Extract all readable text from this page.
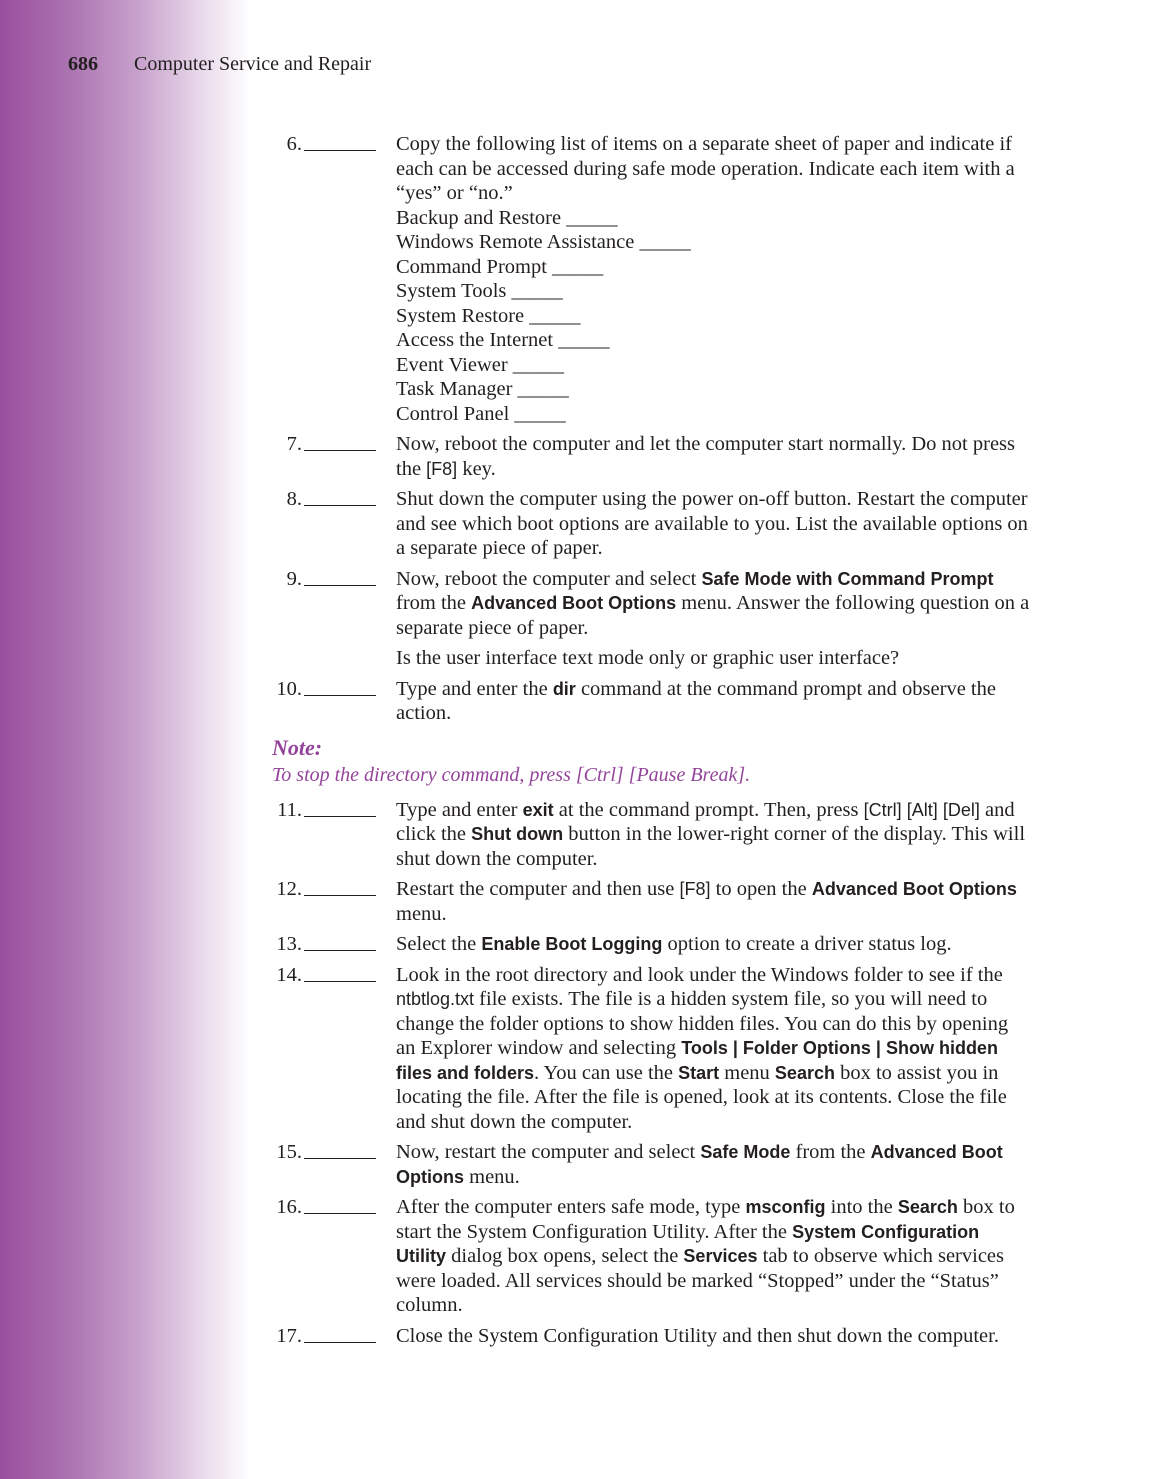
686 Computer Service and Repair
6.	Copy the following list of items on a separate sheet of paper and indicate if each can be accessed during safe mode operation. Indicate each item with a “yes” or “no.”
Backup and Restore _____
Windows Remote Assistance _____
Command Prompt _____
System Tools _____
System Restore _____
Access the Internet _____
Event Viewer _____
Task Manager _____
Control Panel _____
7.	Now, reboot the computer and let the computer start normally. Do not press the [F8] key.
8.	Shut down the computer using the power on-off button. Restart the computer and see which boot options are available to you. List the available options on a separate piece of paper.
9.	Now, reboot the computer and select Safe Mode with Command Prompt from the Advanced Boot Options menu. Answer the following question on a separate piece of paper.
Is the user interface text mode only or graphic user interface?
10.	Type and enter the dir command at the command prompt and observe the action.
Note:
To stop the directory command, press [Ctrl] [Pause Break].
11.	Type and enter exit at the command prompt. Then, press [Ctrl] [Alt] [Del] and click the Shut down button in the lower-right corner of the display. This will shut down the computer.
12.	Restart the computer and then use [F8] to open the Advanced Boot Options menu.
13.	Select the Enable Boot Logging option to create a driver status log.
14.	Look in the root directory and look under the Windows folder to see if the ntbtlog.txt file exists. The file is a hidden system file, so you will need to change the folder options to show hidden files. You can do this by opening an Explorer window and selecting Tools | Folder Options | Show hidden files and folders. You can use the Start menu Search box to assist you in locating the file. After the file is opened, look at its contents. Close the file and shut down the computer.
15.	Now, restart the computer and select Safe Mode from the Advanced Boot Options menu.
16.	After the computer enters safe mode, type msconfig into the Search box to start the System Configuration Utility. After the System Configuration Utility dialog box opens, select the Services tab to observe which services were loaded. All services should be marked “Stopped” under the “Status” column.
17.	Close the System Configuration Utility and then shut down the computer.
